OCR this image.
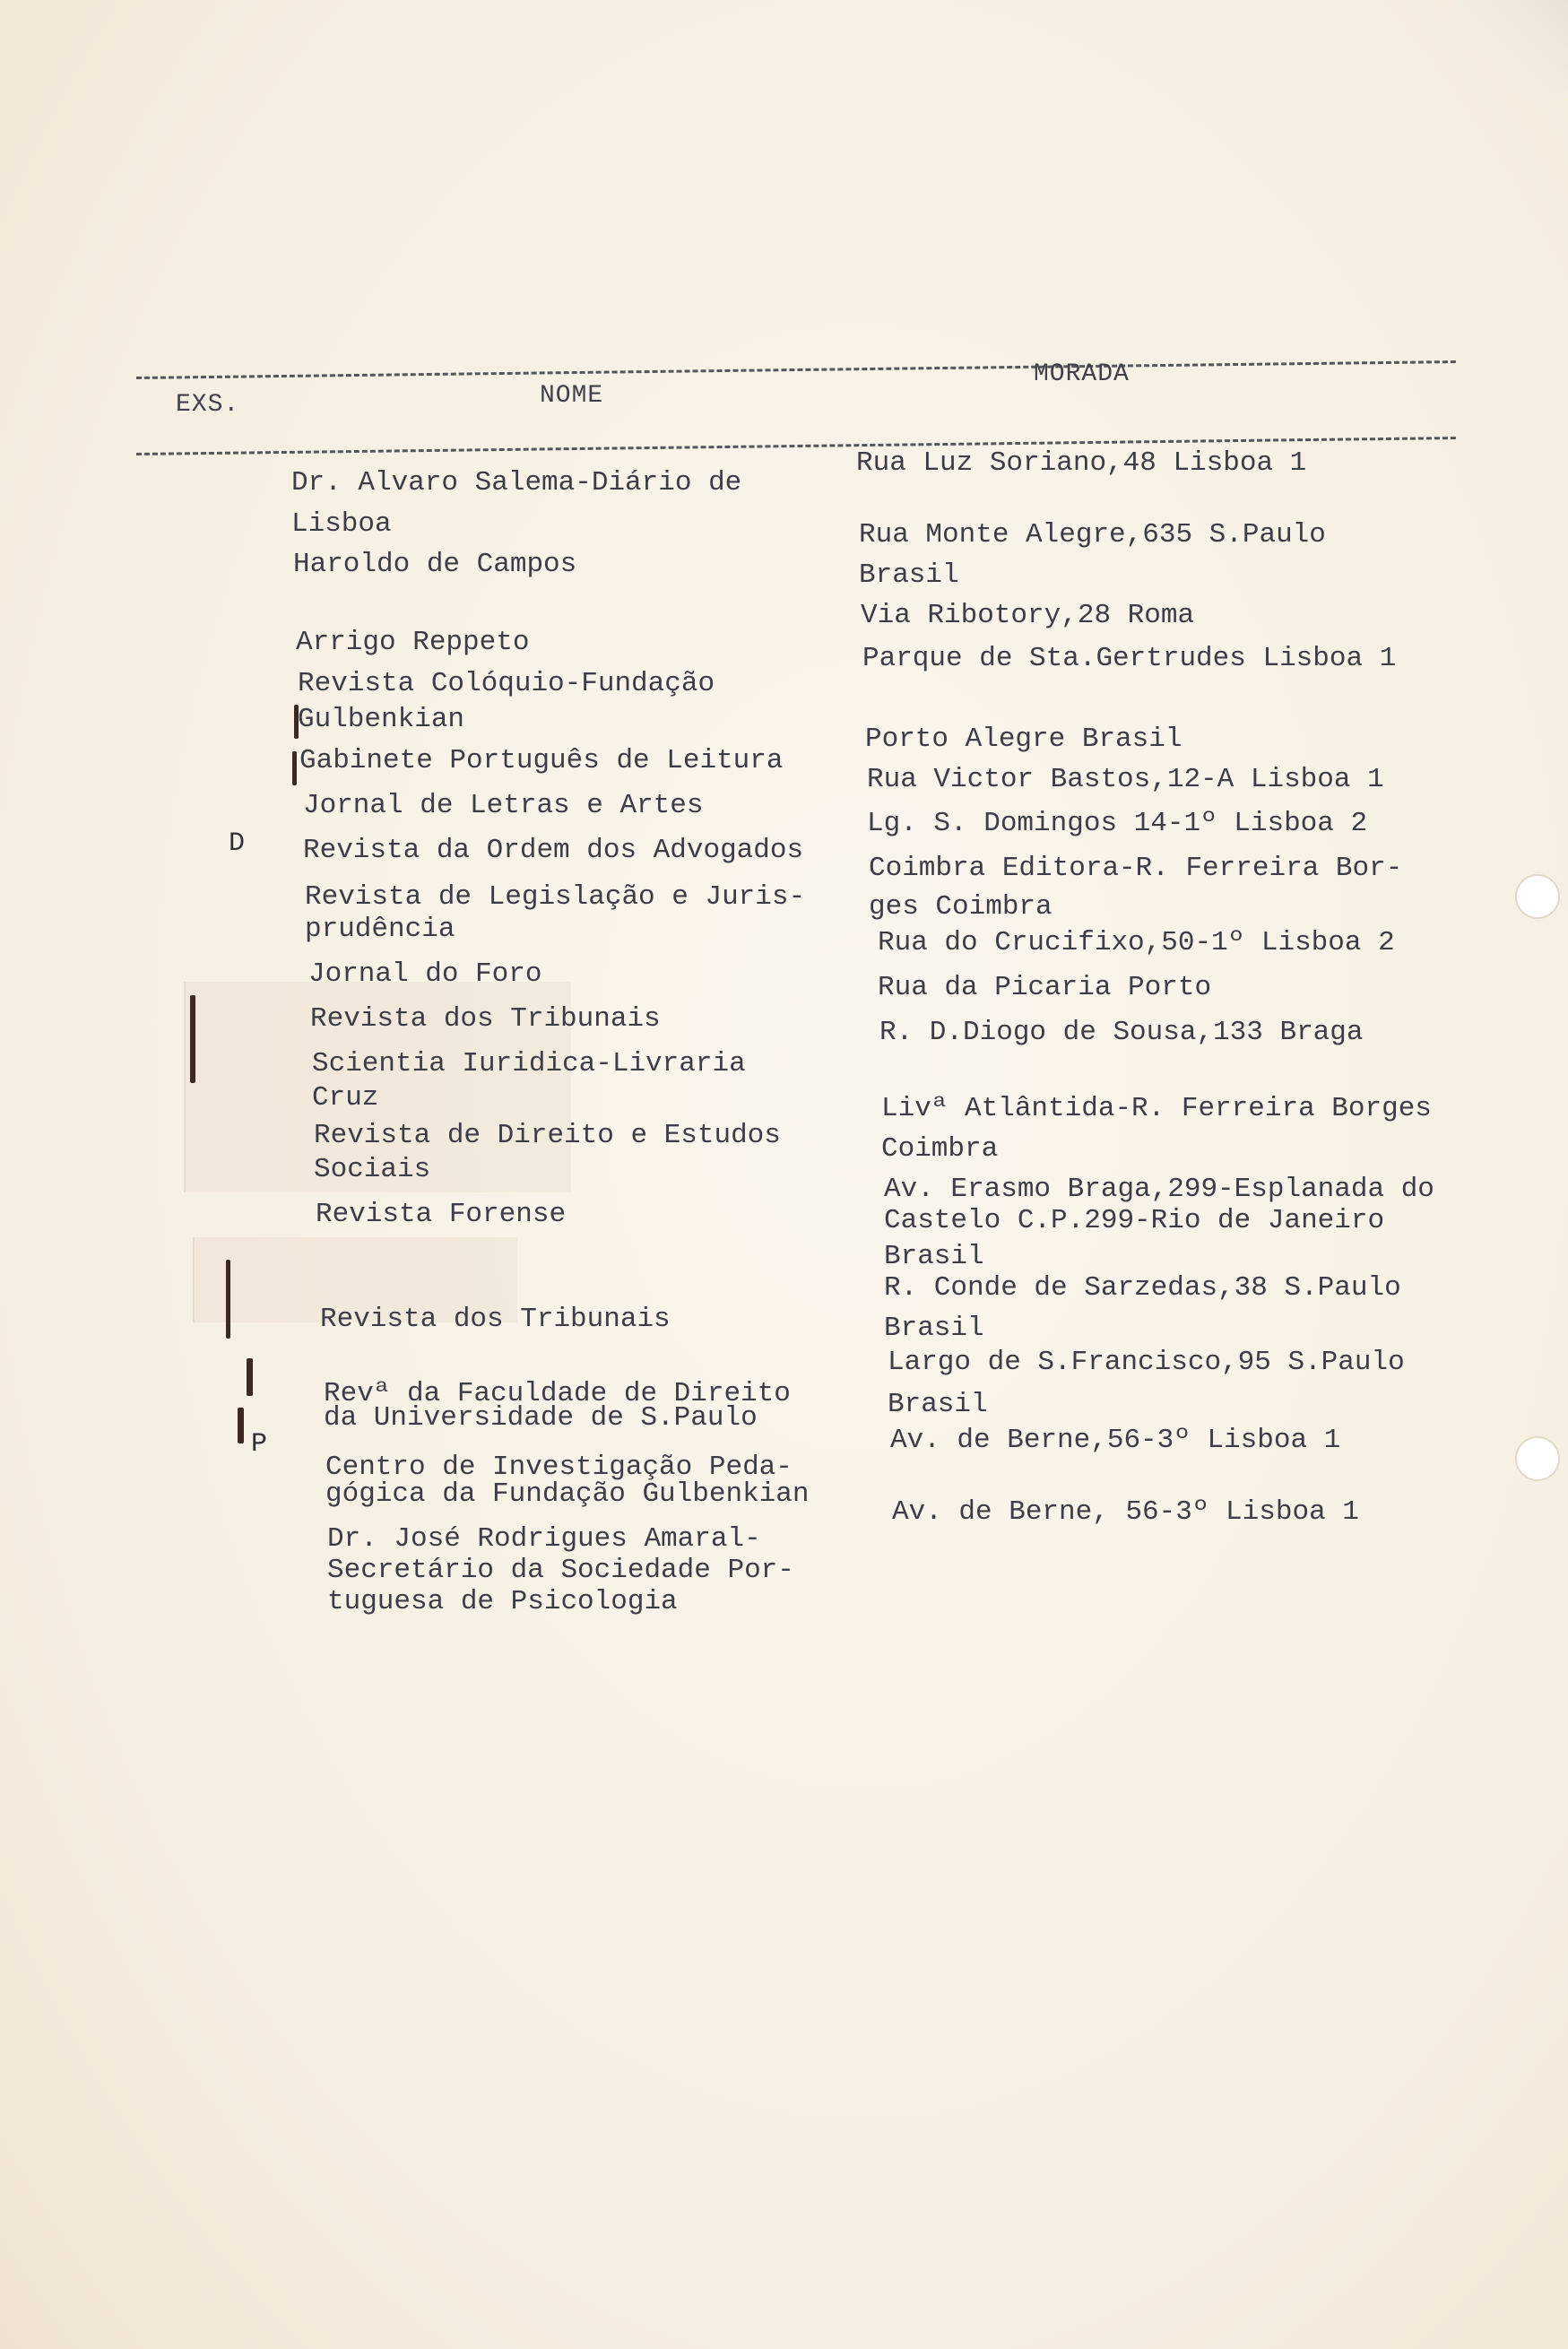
EXS.	NOME
MORADA
D
P
Dr. Alvaro Salema-Diário de
Lisboa
Haroldo de Campos
Arrigo Reppeto
Revista Colóquio-Fundação
Gulbenkian
Gabinete Português de Leitura
Jornal de Letras e Artes
Revista da Ordem dos Advogados
Revista de Legislação e Juris-
prudência
Jornal do Foro
Revista dos Tribunais
Scientia Iuridica-Livraria
Cruz
Revista de Direito e Estudos
Sociais
Revista Forense
Revista dos Tribunais
Revª da Faculdade de Direito
da Universidade de S.Paulo
Centro de Investigação Peda-
gógica da Fundação Gulbenkian
Dr. José Rodrigues Amaral-
Secretário da Sociedade Por-
tuguesa de Psicologia
Rua Luz Soriano,48 Lisboa 1
Rua Monte Alegre,635 S.Paulo
Brasil
Via Ribotory,28 Roma
Parque de Sta.Gertrudes Lisboa 1
Porto Alegre Brasil
Rua Victor Bastos,12-A Lisboa 1
Lg. S. Domingos 14-1º Lisboa 2
Coimbra Editora-R. Ferreira Bor-
ges Coimbra
Rua do Crucifixo,50-1º Lisboa 2
Rua da Picaria Porto
R. D.Diogo de Sousa,133 Braga
Livª Atlântida-R. Ferreira Borges
Coimbra
Av. Erasmo Braga,299-Esplanada do
Castelo C.P.299-Rio de Janeiro
Brasil
R. Conde de Sarzedas,38 S.Paulo
Brasil
Largo de S.Francisco,95 S.Paulo
Brasil
Av. de Berne,56-3º Lisboa 1
Av. de Berne, 56-3º Lisboa 1
